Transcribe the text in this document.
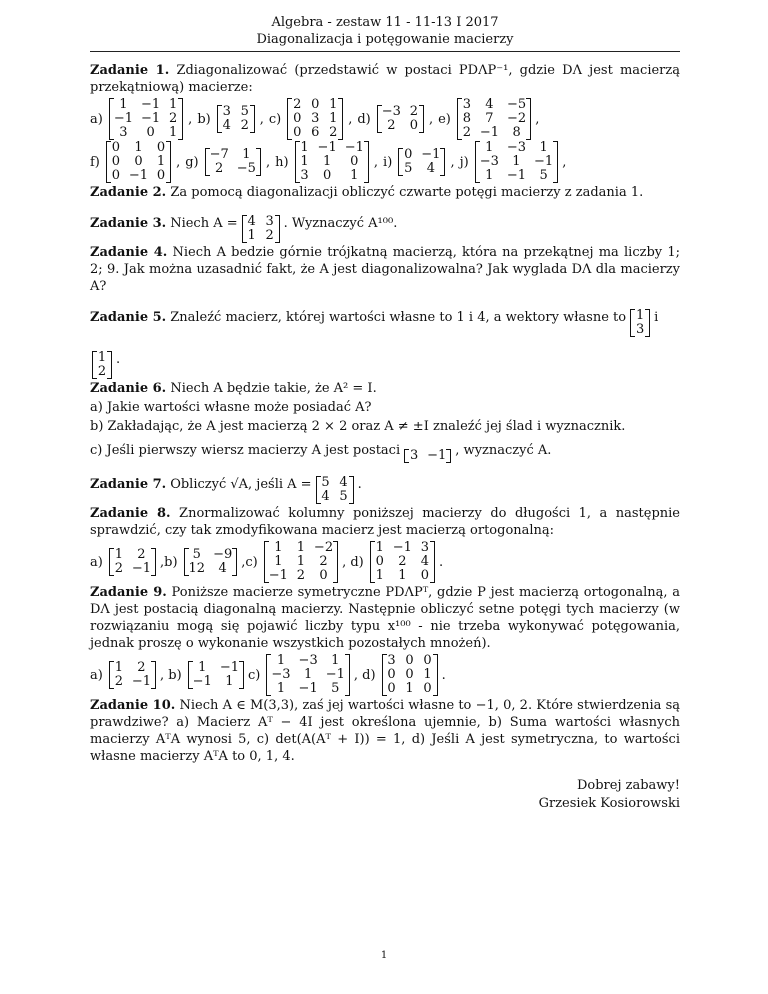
Algebra - zestaw 11 - 11-13 I 2017
Diagonalizacja i potęgowanie macierzy

Zadanie 1. Zdiagonalizować (przedstawić w postaci PDΛP⁻¹, gdzie DΛ jest macierzą przekątniową) macierze:

a)
1	−1	1
−1	−1	2
3	0	1

, b) 3	5
4	2 , c)
2	0	1
0	3	1
0	6	2

, d) −3	2
2	0 , e)
3	4	−5
8	7	−2
2	−1	8

,
f)
0	1	0
0	0	1
0	−1	0

, g) −7	1
2	−5 , h)
1	−1	−1
1	1	0
3	0	1

, i) 0	−1
5	4 , j)
1	−3	1
−3	1	−1
1	−1	5

,

Zadanie 2. Za pomocą diagonalizacji obliczyć czwarte potęgi macierzy z zadania 1.

Zadanie 3. Niech A = 4	3
1	2

. Wyznaczyć A¹⁰⁰.

Zadanie 4. Niech A bedzie górnie trójkatną macierzą, która na przekątnej ma liczby 1; 2; 9. Jak można uzasadnić fakt, że A jest diagonalizowalna? Jak wyglada DΛ dla macierzy A?

Zadanie 5. Znaleźć macierz, której wartości własne to 1 i 4, a wektory własne to 1
3

i
1
2

.

Zadanie 6. Niech A będzie takie, że A² = I.

a) Jakie wartości własne może posiadać A?

b) Zakładając, że A jest macierzą 2 × 2 oraz A ≠ ±I znaleźć jej ślad i wyznacznik.

c) Jeśli pierwszy wiersz macierzy A jest postaci 3	−1 , wyznaczyć A.
Zadanie 7. Obliczyć √A, jeśli A = 5	4
4	5

.

Zadanie 8. Znormalizować kolumny poniższej macierzy do długości 1, a następnie sprawdzić, czy tak zmodyfikowana macierz jest macierzą ortogonalną:

a) 1	2
2	−1 ,b) 5	−9
12	4 ,c)
1	1	−2
1	1	2
−1	2	0

, d)
1	−1	3
0	2	4
1	1	0

.

Zadanie 9. Poniższe macierze symetryczne PDΛPᵀ, gdzie P jest macierzą ortogonalną, a DΛ jest postacią diagonalną macierzy. Następnie obliczyć setne potęgi tych macierzy (w rozwiązaniu mogą się pojawić liczby typu x¹⁰⁰ - nie trzeba wykonywać potęgowania, jednak proszę o wykonanie wszystkich pozostałych mnożeń).

a) 1	2
2	−1 , b) 1	−1
−1	1 c)
1	−3	1
−3	1	−1
1	−1	5

, d)
3	0	0
0	0	1
0	1	0

.

Zadanie 10. Niech A ∈ M(3,3), zaś jej wartości własne to −1, 0, 2. Które stwierdzenia są prawdziwe? a) Macierz Aᵀ − 4I jest określona ujemnie, b) Suma wartości własnych macierzy AᵀA wynosi 5, c) det(A(Aᵀ + I)) = 1, d) Jeśli A jest symetryczna, to wartości własne macierzy AᵀA to 0, 1, 4.

Dobrej zabawy!
Grzesiek Kosiorowski
1
